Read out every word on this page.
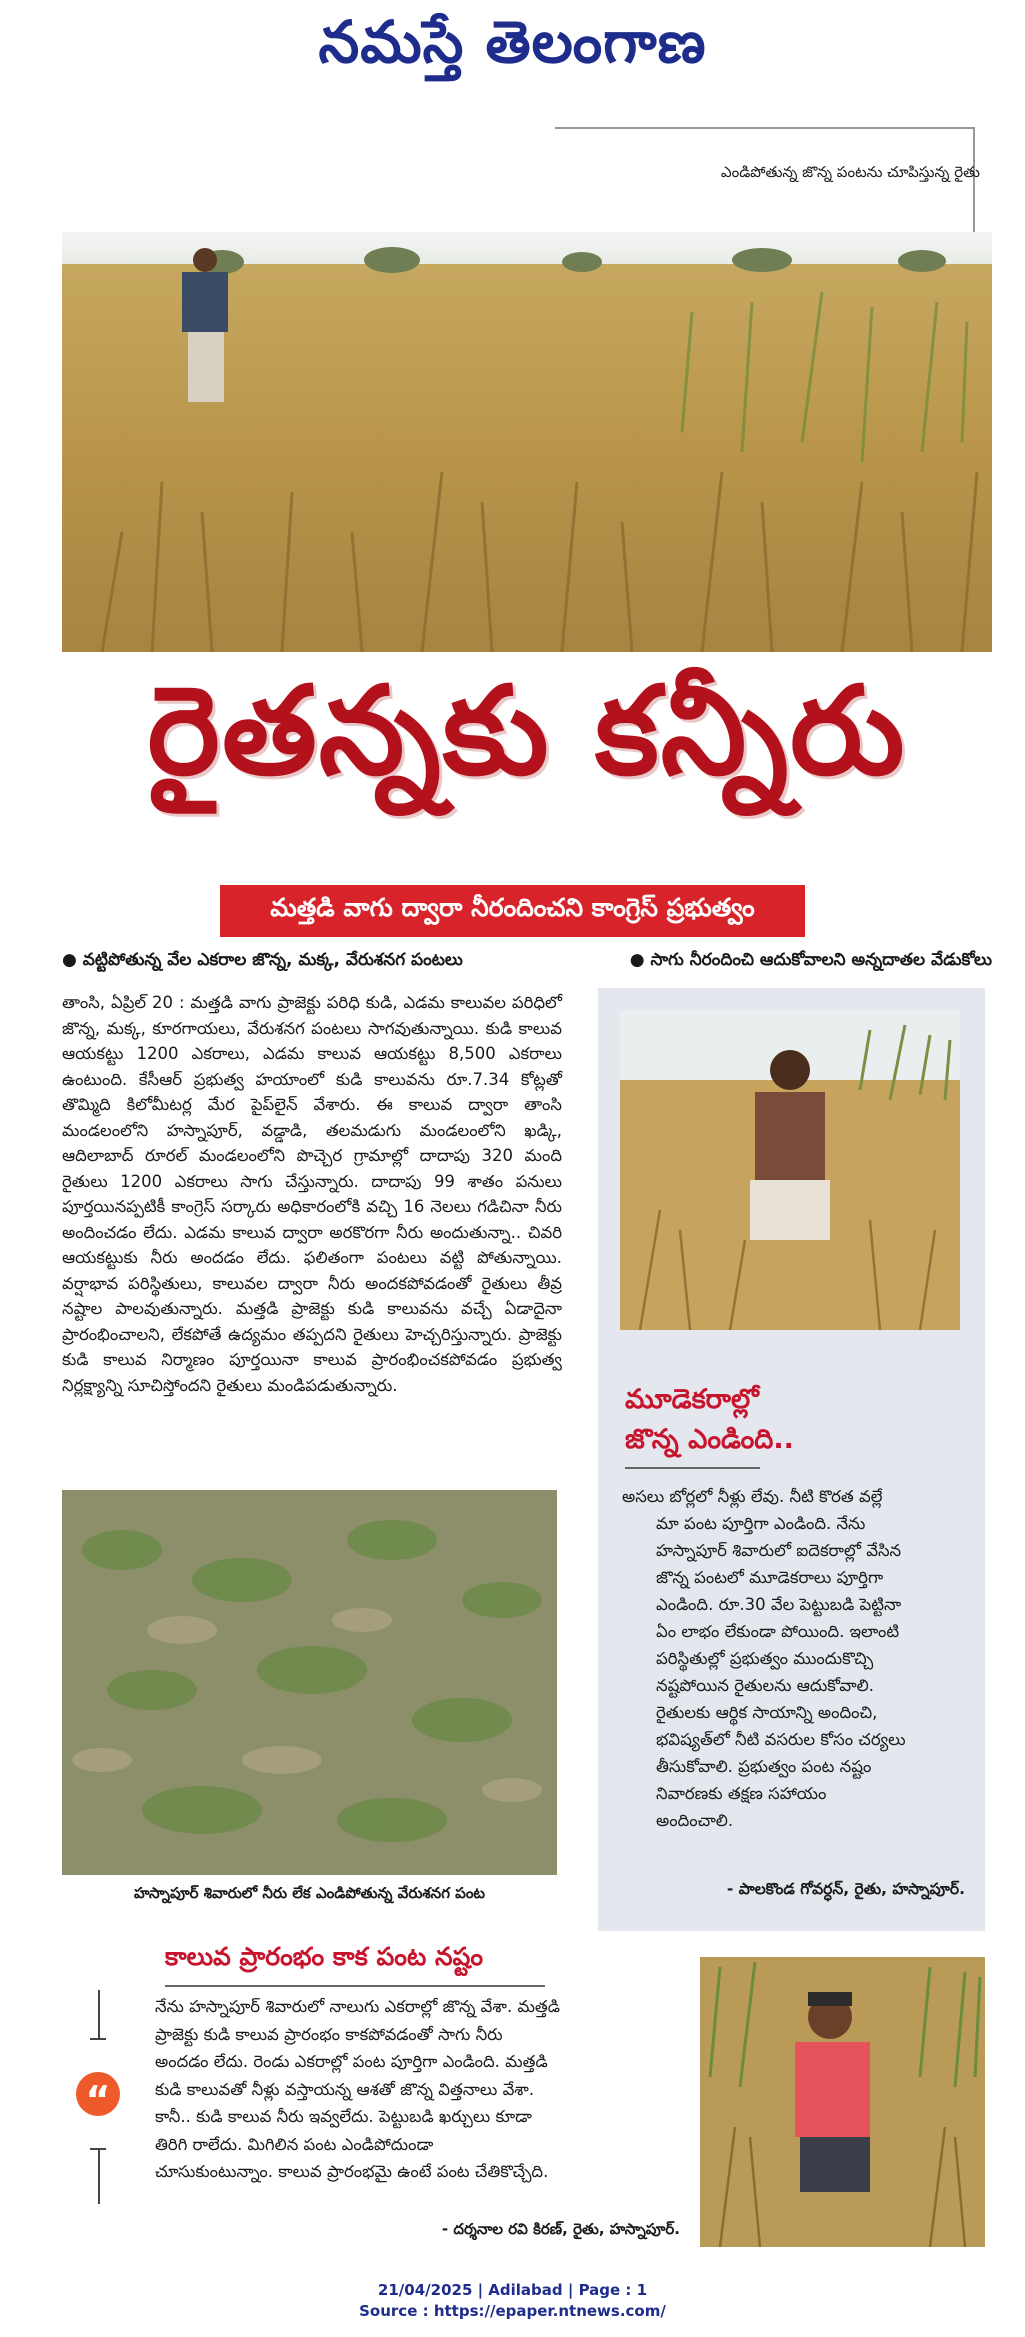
నమస్తే తెలంగాణ
ఎండిపోతున్న జొన్న పంటను చూపిస్తున్న రైతు
రైతన్నకు కన్నీరు
మత్తడి వాగు ద్వారా నీరందించని కాంగ్రెస్ ప్రభుత్వం
● వట్టిపోతున్న వేల ఎకరాల జొన్న, మక్క, వేరుశనగ పంటలు	● సాగు నీరందించి ఆదుకోవాలని అన్నదాతల వేడుకోలు
తాంసి, ఏప్రిల్ 20 : మత్తడి వాగు ప్రాజెక్టు పరిధి కుడి, ఎడమ కాలువల పరిధిలో జొన్న, మక్క, కూరగాయలు, వేరుశనగ పంటలు సాగవుతున్నాయి. కుడి కాలువ ఆయకట్టు 1200 ఎకరాలు, ఎడమ కాలువ ఆయకట్టు 8,500 ఎకరాలు ఉంటుంది. కేసీఆర్ ప్రభుత్వ హయాంలో కుడి కాలువను రూ.7.34 కోట్లతో తొమ్మిది కిలోమీటర్ల మేర పైప్‌లైన్ వేశారు. ఈ కాలువ ద్వారా తాంసి మండలంలోని హస్నాపూర్, వడ్డాడి, తలమడుగు మండలంలోని ఖడ్కి, ఆదిలాబాద్ రూరల్ మండలంలోని పొచ్చెర గ్రామాల్లో దాదాపు 320 మంది రైతులు 1200 ఎకరాలు సాగు చేస్తున్నారు. దాదాపు 99 శాతం పనులు పూర్తయినప్పటికీ కాంగ్రెస్ సర్కారు అధికారంలోకి వచ్చి 16 నెలలు గడిచినా నీరు అందించడం లేదు. ఎడమ కాలువ ద్వారా అరకొరగా నీరు అందుతున్నా.. చివరి ఆయకట్టుకు నీరు అందడం లేదు. ఫలితంగా పంటలు వట్టి పోతున్నాయి. వర్షాభావ పరిస్థితులు, కాలువల ద్వారా నీరు అందకపోవడంతో రైతులు తీవ్ర నష్టాల పాలవుతున్నారు. మత్తడి ప్రాజెక్టు కుడి కాలువను వచ్చే ఏడాదైనా ప్రారంభించాలని, లేకపోతే ఉద్యమం తప్పదని రైతులు హెచ్చరిస్తున్నారు. ప్రాజెక్టు కుడి కాలువ నిర్మాణం పూర్తయినా కాలువ ప్రారంభించకపోవడం ప్రభుత్వ నిర్లక్ష్యాన్ని సూచిస్తోందని రైతులు మండిపడుతున్నారు.	మూడెకరాల్లో
జొన్న ఎండింది..
అసలు బోర్లలో నీళ్లు లేవు. నీటి కొరత వల్లే
మా పంట పూర్తిగా ఎండింది. నేను
హస్నాపూర్ శివారులో ఐదెకరాల్లో వేసిన
జొన్న పంటలో మూడెకరాలు పూర్తిగా
ఎండింది. రూ.30 వేల పెట్టుబడి పెట్టినా
ఏం లాభం లేకుండా పోయింది. ఇలాంటి
పరిస్థితుల్లో ప్రభుత్వం ముందుకొచ్చి
నష్టపోయిన రైతులను ఆదుకోవాలి.
రైతులకు ఆర్థిక సాయాన్ని అందించి,
భవిష్యత్‌లో నీటి వసరుల కోసం చర్యలు
తీసుకోవాలి. ప్రభుత్వం పంట నష్టం
నివారణకు తక్షణ సహాయం
అందించాలి.
- పాలకొండ గోవర్ధన్, రైతు, హస్నాపూర్.
హస్నాపూర్ శివారులో నీరు లేక ఎండిపోతున్న వేరుశనగ పంట
కాలువ ప్రారంభం కాక పంట నష్టం
“
నేను హస్నాపూర్ శివారులో నాలుగు ఎకరాల్లో జొన్న వేశా. మత్తడి
ప్రాజెక్టు కుడి కాలువ ప్రారంభం కాకపోవడంతో సాగు నీరు
అందడం లేదు. రెండు ఎకరాల్లో పంట పూర్తిగా ఎండింది. మత్తడి
కుడి కాలువతో నీళ్లు వస్తాయన్న ఆశతో జొన్న విత్తనాలు వేశా.
కానీ.. కుడి కాలువ నీరు ఇవ్వలేదు. పెట్టుబడి ఖర్చులు కూడా
తిరిగి రాలేదు. మిగిలిన పంట ఎండిపోదుండా
చూసుకుంటున్నాం. కాలువ ప్రారంభమై ఉంటే పంట చేతికొచ్చేది.
- దర్శనాల రవి కిరణ్, రైతు, హస్నాపూర్.
21/04/2025 | Adilabad | Page : 1
Source : https://epaper.ntnews.com/
